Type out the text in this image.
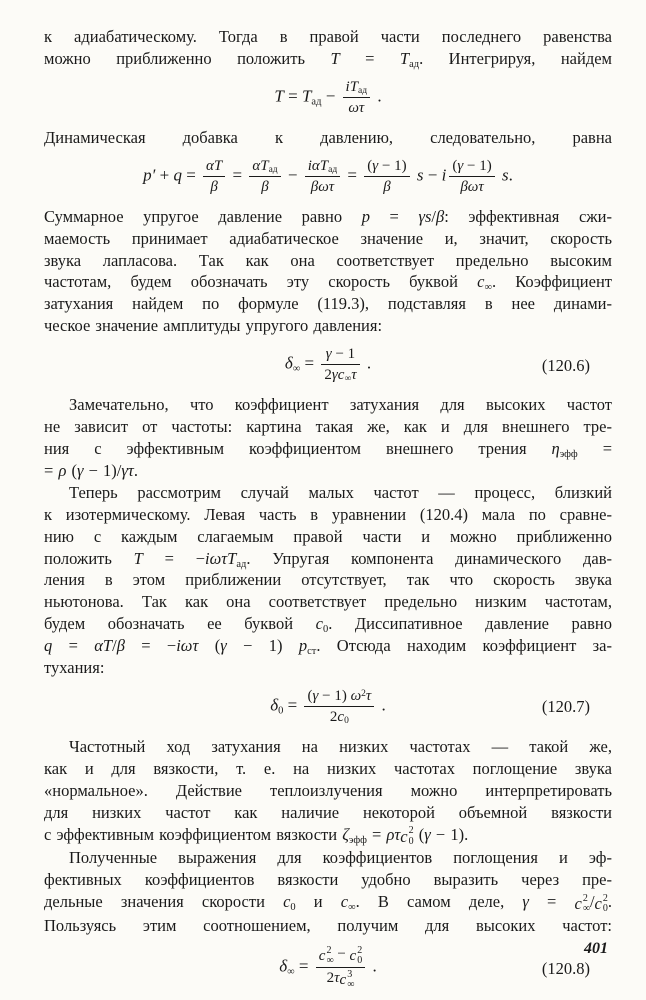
к адиабатическому. Тогда в правой части последнего равенства
можно приближенно положить $T = T_{ад}$. Интегрируя, найдем
$T = T_{ад} - \frac{iT_{ад}}{\omega\tau}$ .
Динамическая добавка к давлению, следовательно, равна
$p' + q = \frac{\alpha T}{\beta} = \frac{\alpha T_{ад}}{\beta} - \frac{i\alpha T_{ад}}{\text{βωτ}} = \frac{(\gamma - 1)}{\beta}$ s − i $\frac{(\gamma - 1)}{\text{βωτ}} s$.
Суммарное упругое давление равно p = γs/β: эффективная сжи-
маемость принимает адиабатическое значение и, значит, скорость
звука лапласова. Так как она соответствует предельно высоким
частотам, будем обозначать эту скорость буквой $c_\infty$. Коэффициент
затухания найдем по формуле (119.3), подставляя в нее динами-
ческое значение амплитуды упругого давления:
$\delta_\infty = \frac{\gamma - 1}{2\gamma c_\infty\tau}$ .	(120.6)
Замечательно, что коэффициент затухания для высоких частот
не зависит от частоты: картина такая же, как и для внешнего тре-
ния с эффективным коэффициентом внешнего трения $\eta_{эфф}$ =
= ρ (γ − 1)/γτ.
Теперь рассмотрим случай малых частот — процесс, близкий
к изотермическому. Левая часть в уравнении (120.4) мала по сравне-
нию с каждым слагаемым правой части и можно приближенно
положить T = −iωτT$_{ад}$. Упругая компонента динамического дав-
ления в этом приближении отсутствует, так что скорость звука
ньютонова. Так как она соответствует предельно низким частотам,
будем обозначать ее буквой $c_0$. Диссипативное давление равно
q = αT/β = −iωτ (γ − 1) $p_{ст}$. Отсюда находим коэффициент за-
тухания:
$\delta_0 = \frac{(\gamma - 1) \omega^2\tau}{2c_0}$ .	(120.7)
Частотный ход затухания на низких частотах — такой же,
как и для вязкости, т. е. на низких частотах поглощение звука
«нормальное». Действие теплоизлучения можно интерпретировать
для низких частот как наличие некоторой объемной вязкости
с эффективным коэффициентом вязкости $\zeta_{эфф} = \rho\tau$ c 2
0 (γ − 1).
Полученные выражения для коэффициентов поглощения и эф-
фективных коэффициентов вязкости удобно выразить через пре-
дельные значения скорости $c_0$ и $c_\infty$. В самом деле, γ = c 2
∞ / c 2
0 .
Пользуясь этим соотношением, получим для высоких частот:
$\delta_\infty = c$ 2
∞ − c 2
0
2τ c 3
∞ .	(120.8)
401
